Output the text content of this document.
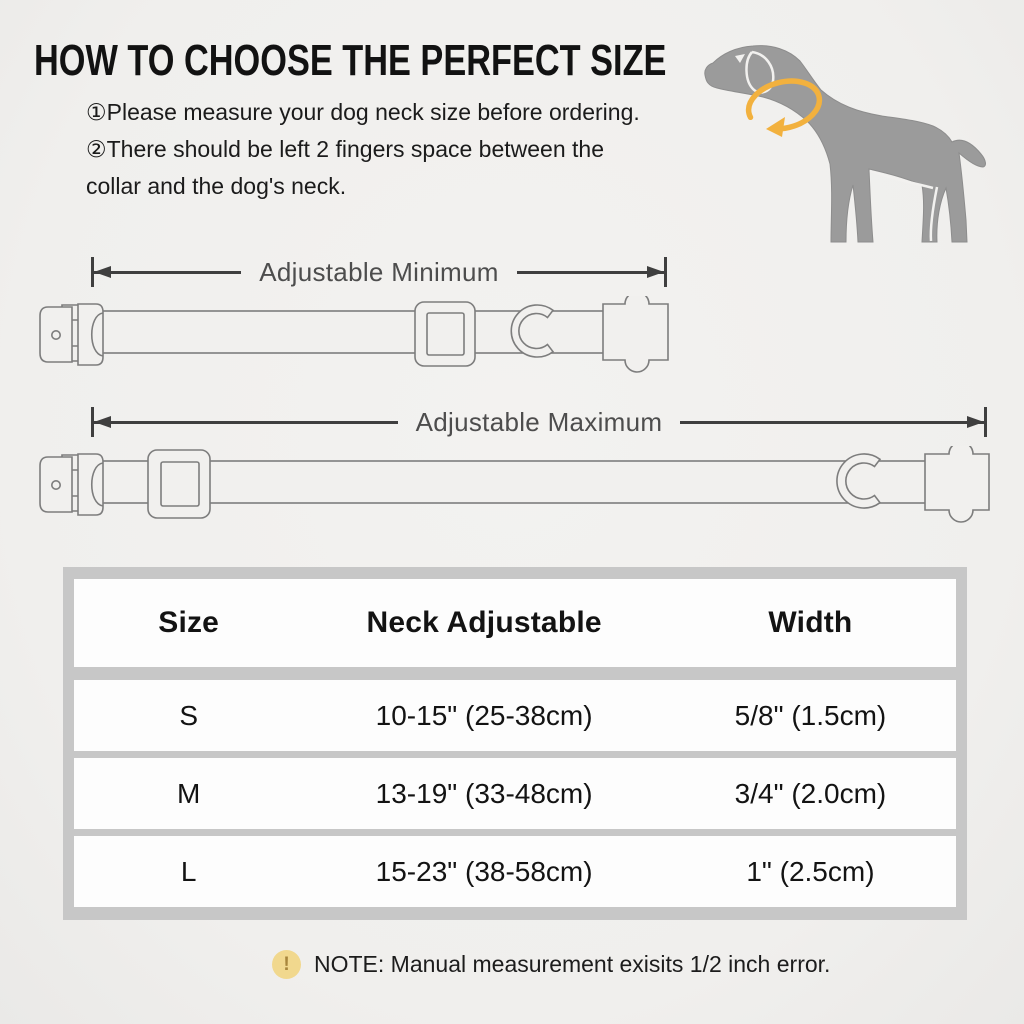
HOW TO CHOOSE THE PERFECT SIZE

①Please measure your dog neck size before ordering.

②There should be left 2 fingers space between the collar and the dog's neck.

Adjustable Minimum
Adjustable Maximum
Size	Neck Adjustable	Width
S	10-15" (25-38cm)	5/8" (1.5cm)
M	13-19" (33-48cm)	3/4" (2.0cm)
L	15-23" (38-58cm)	1" (2.5cm)
! NOTE: Manual measurement exisits 1/2 inch error.
